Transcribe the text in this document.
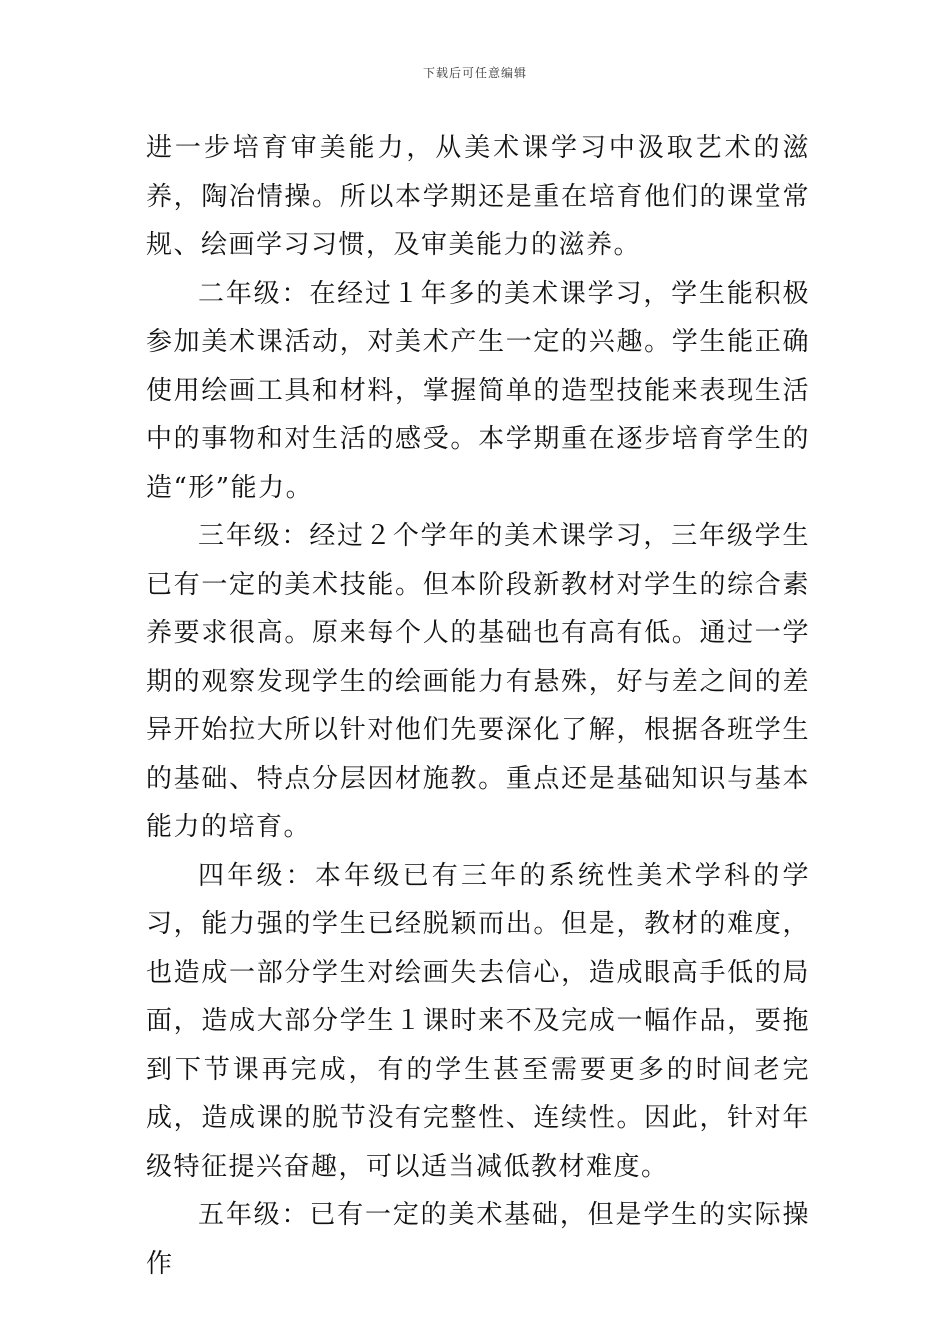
下载后可任意编辑

进一步培育审美能力，从美术课学习中汲取艺术的滋养，陶冶情操。所以本学期还是重在培育他们的课堂常规、绘画学习习惯，及审美能力的滋养。

二年级：在经过１年多的美术课学习，学生能积极参加美术课活动，对美术产生一定的兴趣。学生能正确使用绘画工具和材料，掌握简单的造型技能来表现生活中的事物和对生活的感受。本学期重在逐步培育学生的造“形”能力。

三年级：经过２个学年的美术课学习，三年级学生已有一定的美术技能。但本阶段新教材对学生的综合素养要求很高。原来每个人的基础也有高有低。通过一学期的观察发现学生的绘画能力有悬殊，好与差之间的差异开始拉大所以针对他们先要深化了解，根据各班学生的基础、特点分层因材施教。重点还是基础知识与基本能力的培育。

四年级：本年级已有三年的系统性美术学科的学习，能力强的学生已经脱颖而出。但是，教材的难度，也造成一部分学生对绘画失去信心，造成眼高手低的局面，造成大部分学生１课时来不及完成一幅作品，要拖到下节课再完成，有的学生甚至需要更多的时间老完成，造成课的脱节没有完整性、连续性。因此，针对年级特征提兴奋趣，可以适当减低教材难度。

五年级：已有一定的美术基础，但是学生的实际操作
